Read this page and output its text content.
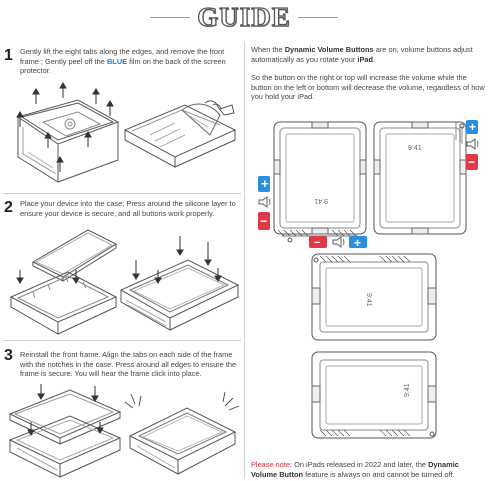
GUIDE
1 Gently lift the eight tabs along the edges, and remove the front frame ; Gently peel off the BLUE film on the back of the screen protector.
2 Place your device into the case; Press around the silicone layer to ensure your device is secure, and all buttons work properly.
3 Reinstall the front frame. Align the tabs on each side of the frame with the notches in the case. Press around all edges to ensure the frame is secure. You will hear the frame click into place.
When the Dynamic Volume Buttons are on, volume buttons adjust automatically as you rotate your iPad.
So the button on the right or top will increase the volume while the button on the left or bottom will decrease the volume, regardless of how you hold your iPad.
9:41
9:41
9:41
9:41
+
−
−	+
+
−
Please note: On iPads released in 2022 and later, the Dynamic Volume Button feature is always on and cannot be turned off.
